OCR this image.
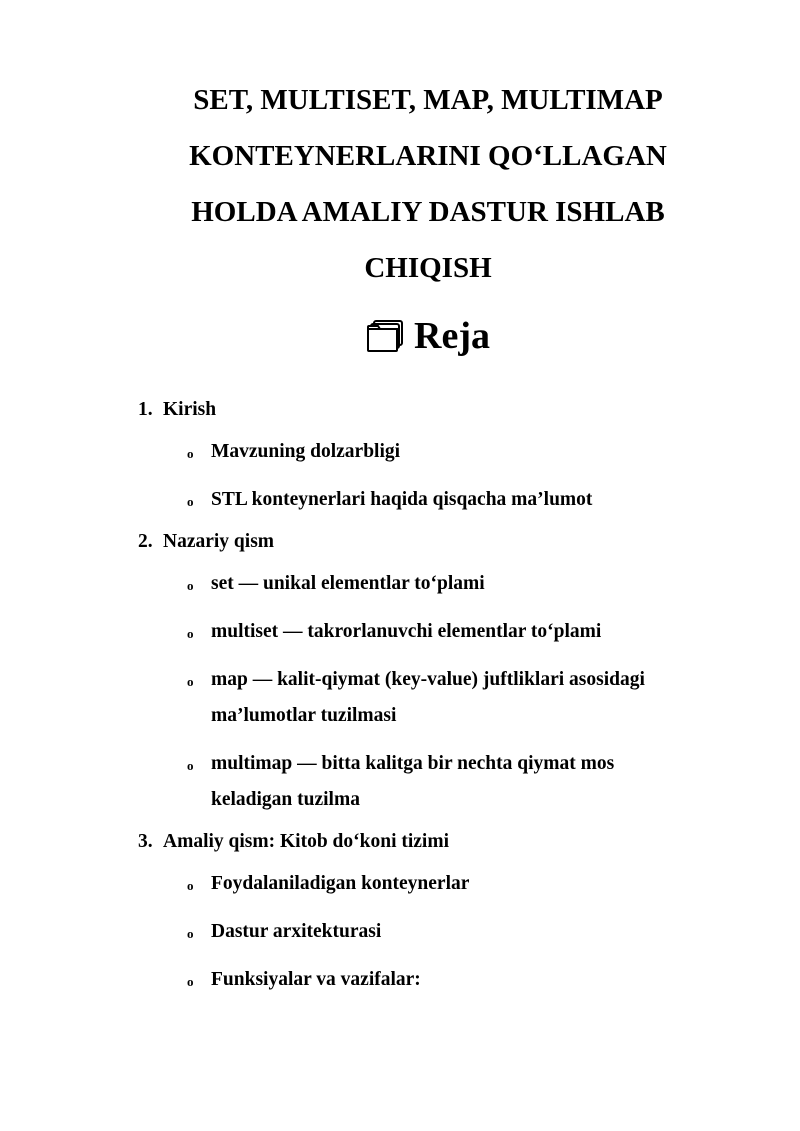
SET, MULTISET, MAP, MULTIMAP
KONTEYNERLARINI QO‘LLAGAN
HOLDA AMALIY DASTUR ISHLAB
CHIQISH
Reja
1. Kirish
o Mavzuning dolzarbligi
o STL konteynerlari haqida qisqacha ma’lumot
2. Nazariy qism
o set — unikal elementlar to‘plami
o multiset — takrorlanuvchi elementlar to‘plami
o map — kalit-qiymat (key-value) juftliklari asosidagi ma’lumotlar tuzilmasi
o multimap — bitta kalitga bir nechta qiymat mos keladigan tuzilma
3. Amaliy qism: Kitob do‘koni tizimi
o Foydalaniladigan konteynerlar
o Dastur arxitekturasi
o Funksiyalar va vazifalar:
